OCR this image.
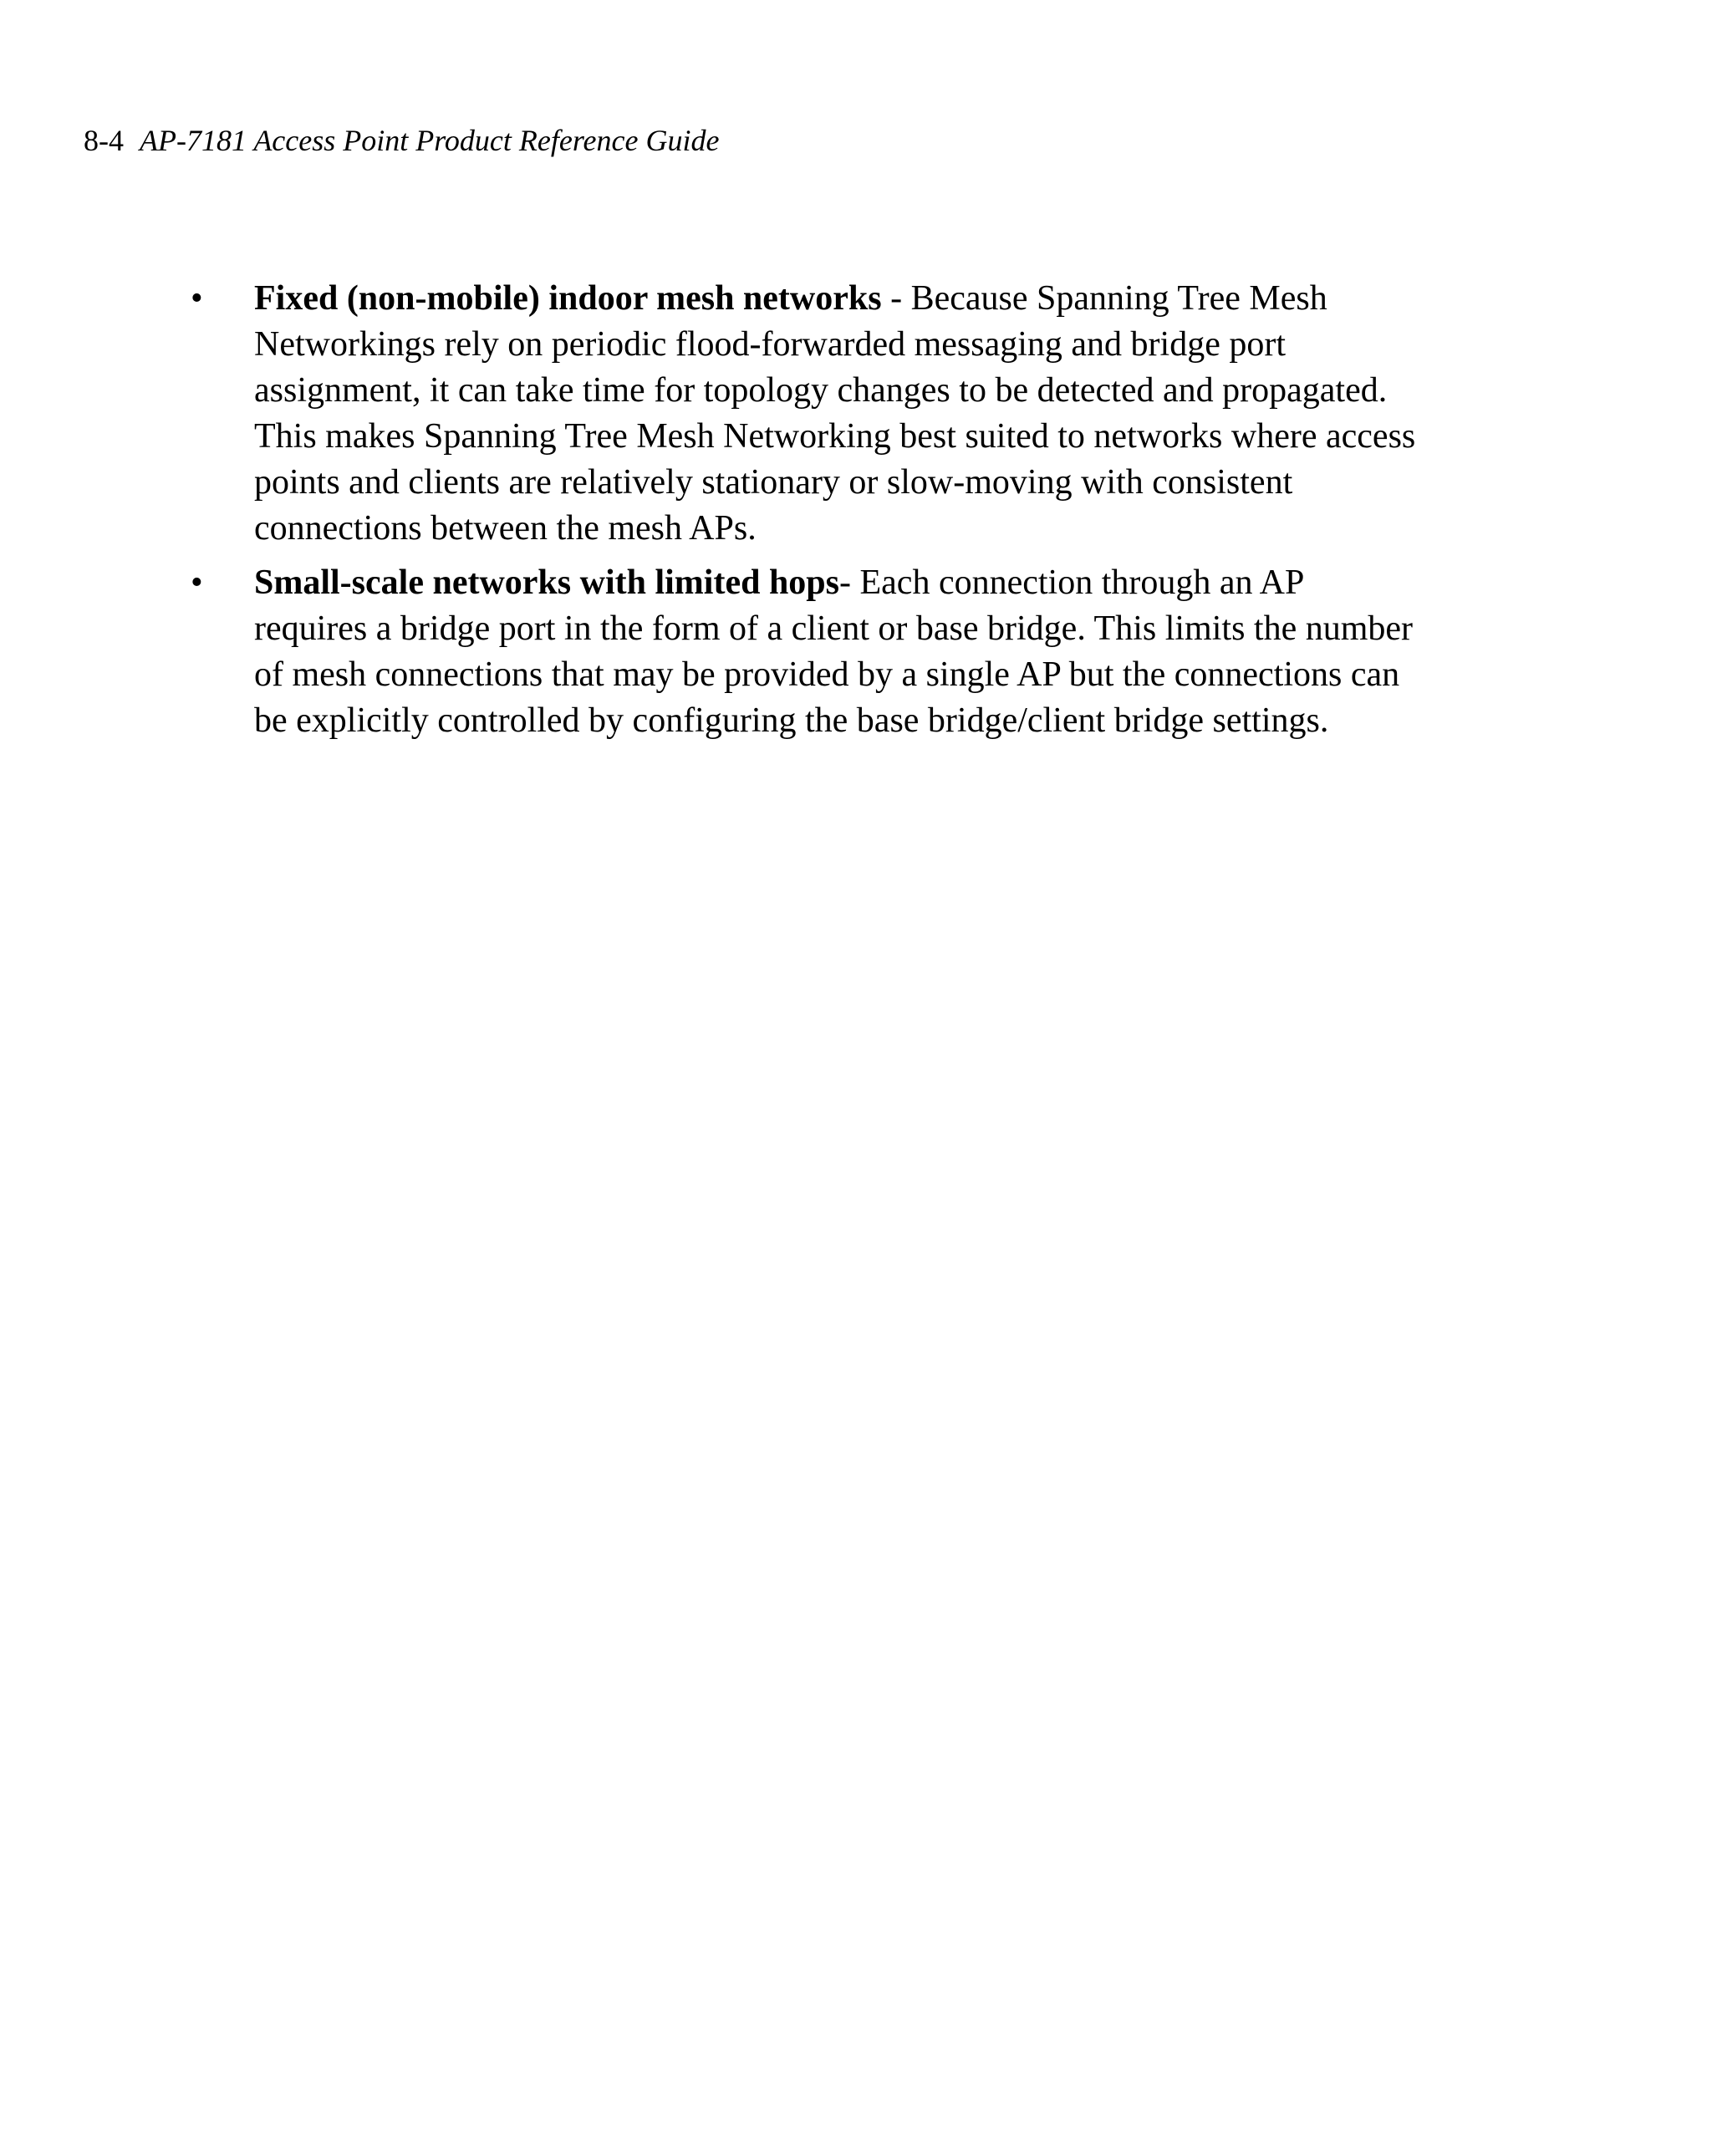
8-4 AP-7181 Access Point Product Reference Guide
• Fixed (non-mobile) indoor mesh networks - Because Spanning Tree Mesh
Networkings rely on periodic flood-forwarded messaging and bridge port
assignment, it can take time for topology changes to be detected and propagated.
This makes Spanning Tree Mesh Networking best suited to networks where access
points and clients are relatively stationary or slow-moving with consistent
connections between the mesh APs.
• Small-scale networks with limited hops- Each connection through an AP
requires a bridge port in the form of a client or base bridge. This limits the number
of mesh connections that may be provided by a single AP but the connections can
be explicitly controlled by configuring the base bridge/client bridge settings.
